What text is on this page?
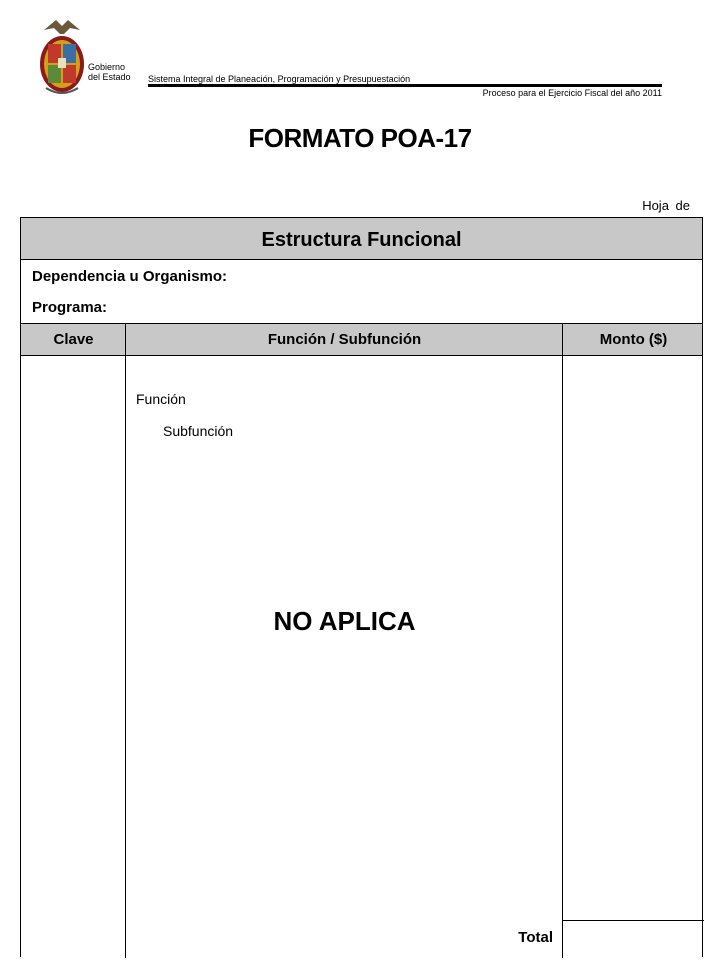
Gobierno
del Estado Sistema Integral de Planeación, Programación y Presupuestación
Proceso para el Ejercicio Fiscal del año 2011
FORMATO POA-17
Hoja de
Estructura Funcional
Dependencia u Organismo:
Programa:
Clave	Función / Subfunción	Monto ($)
Función
Subfunción
NO APLICA
Total
